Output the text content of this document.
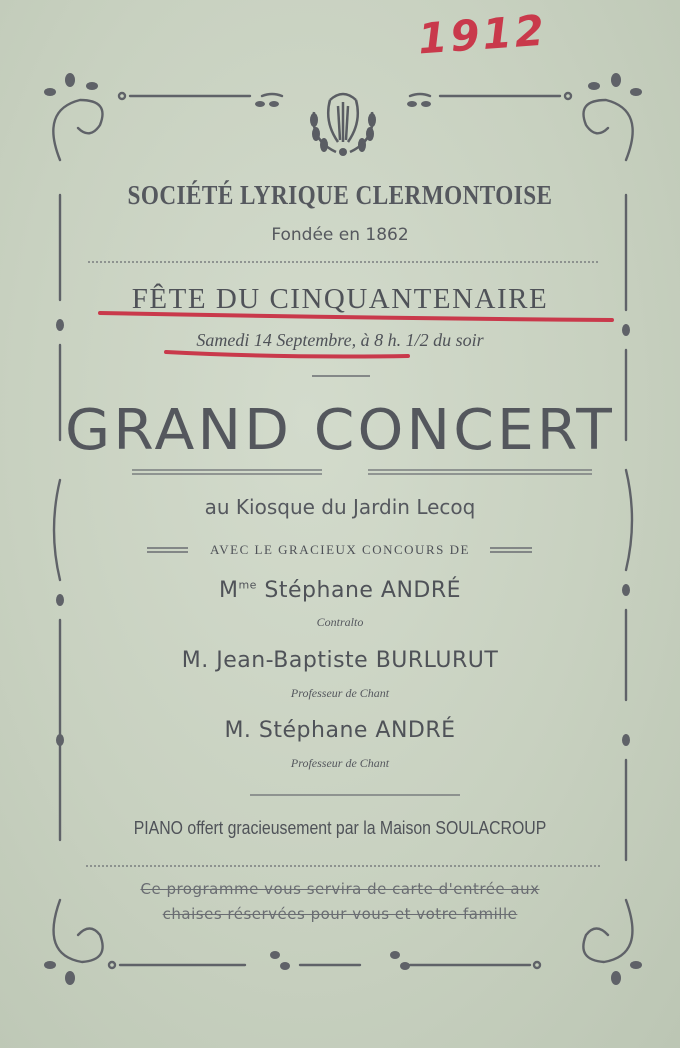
1912
SOCIÉTÉ LYRIQUE CLERMONTOISE
Fondée en 1862
FÊTE DU CINQUANTENAIRE
Samedi 14 Septembre, à 8 h. 1/2 du soir
GRAND CONCERT
au Kiosque du Jardin Lecoq
AVEC LE GRACIEUX CONCOURS DE
$M^{me}$ Stéphane ANDRÉ
Contralto
M. Jean-Baptiste BURLURUT
Professeur de Chant
M. Stéphane ANDRÉ
Professeur de Chant
PIANO offert gracieusement par la Maison SOULACROUP
Ce programme vous servira de carte d'entrée aux
chaises réservées pour vous et votre famille
